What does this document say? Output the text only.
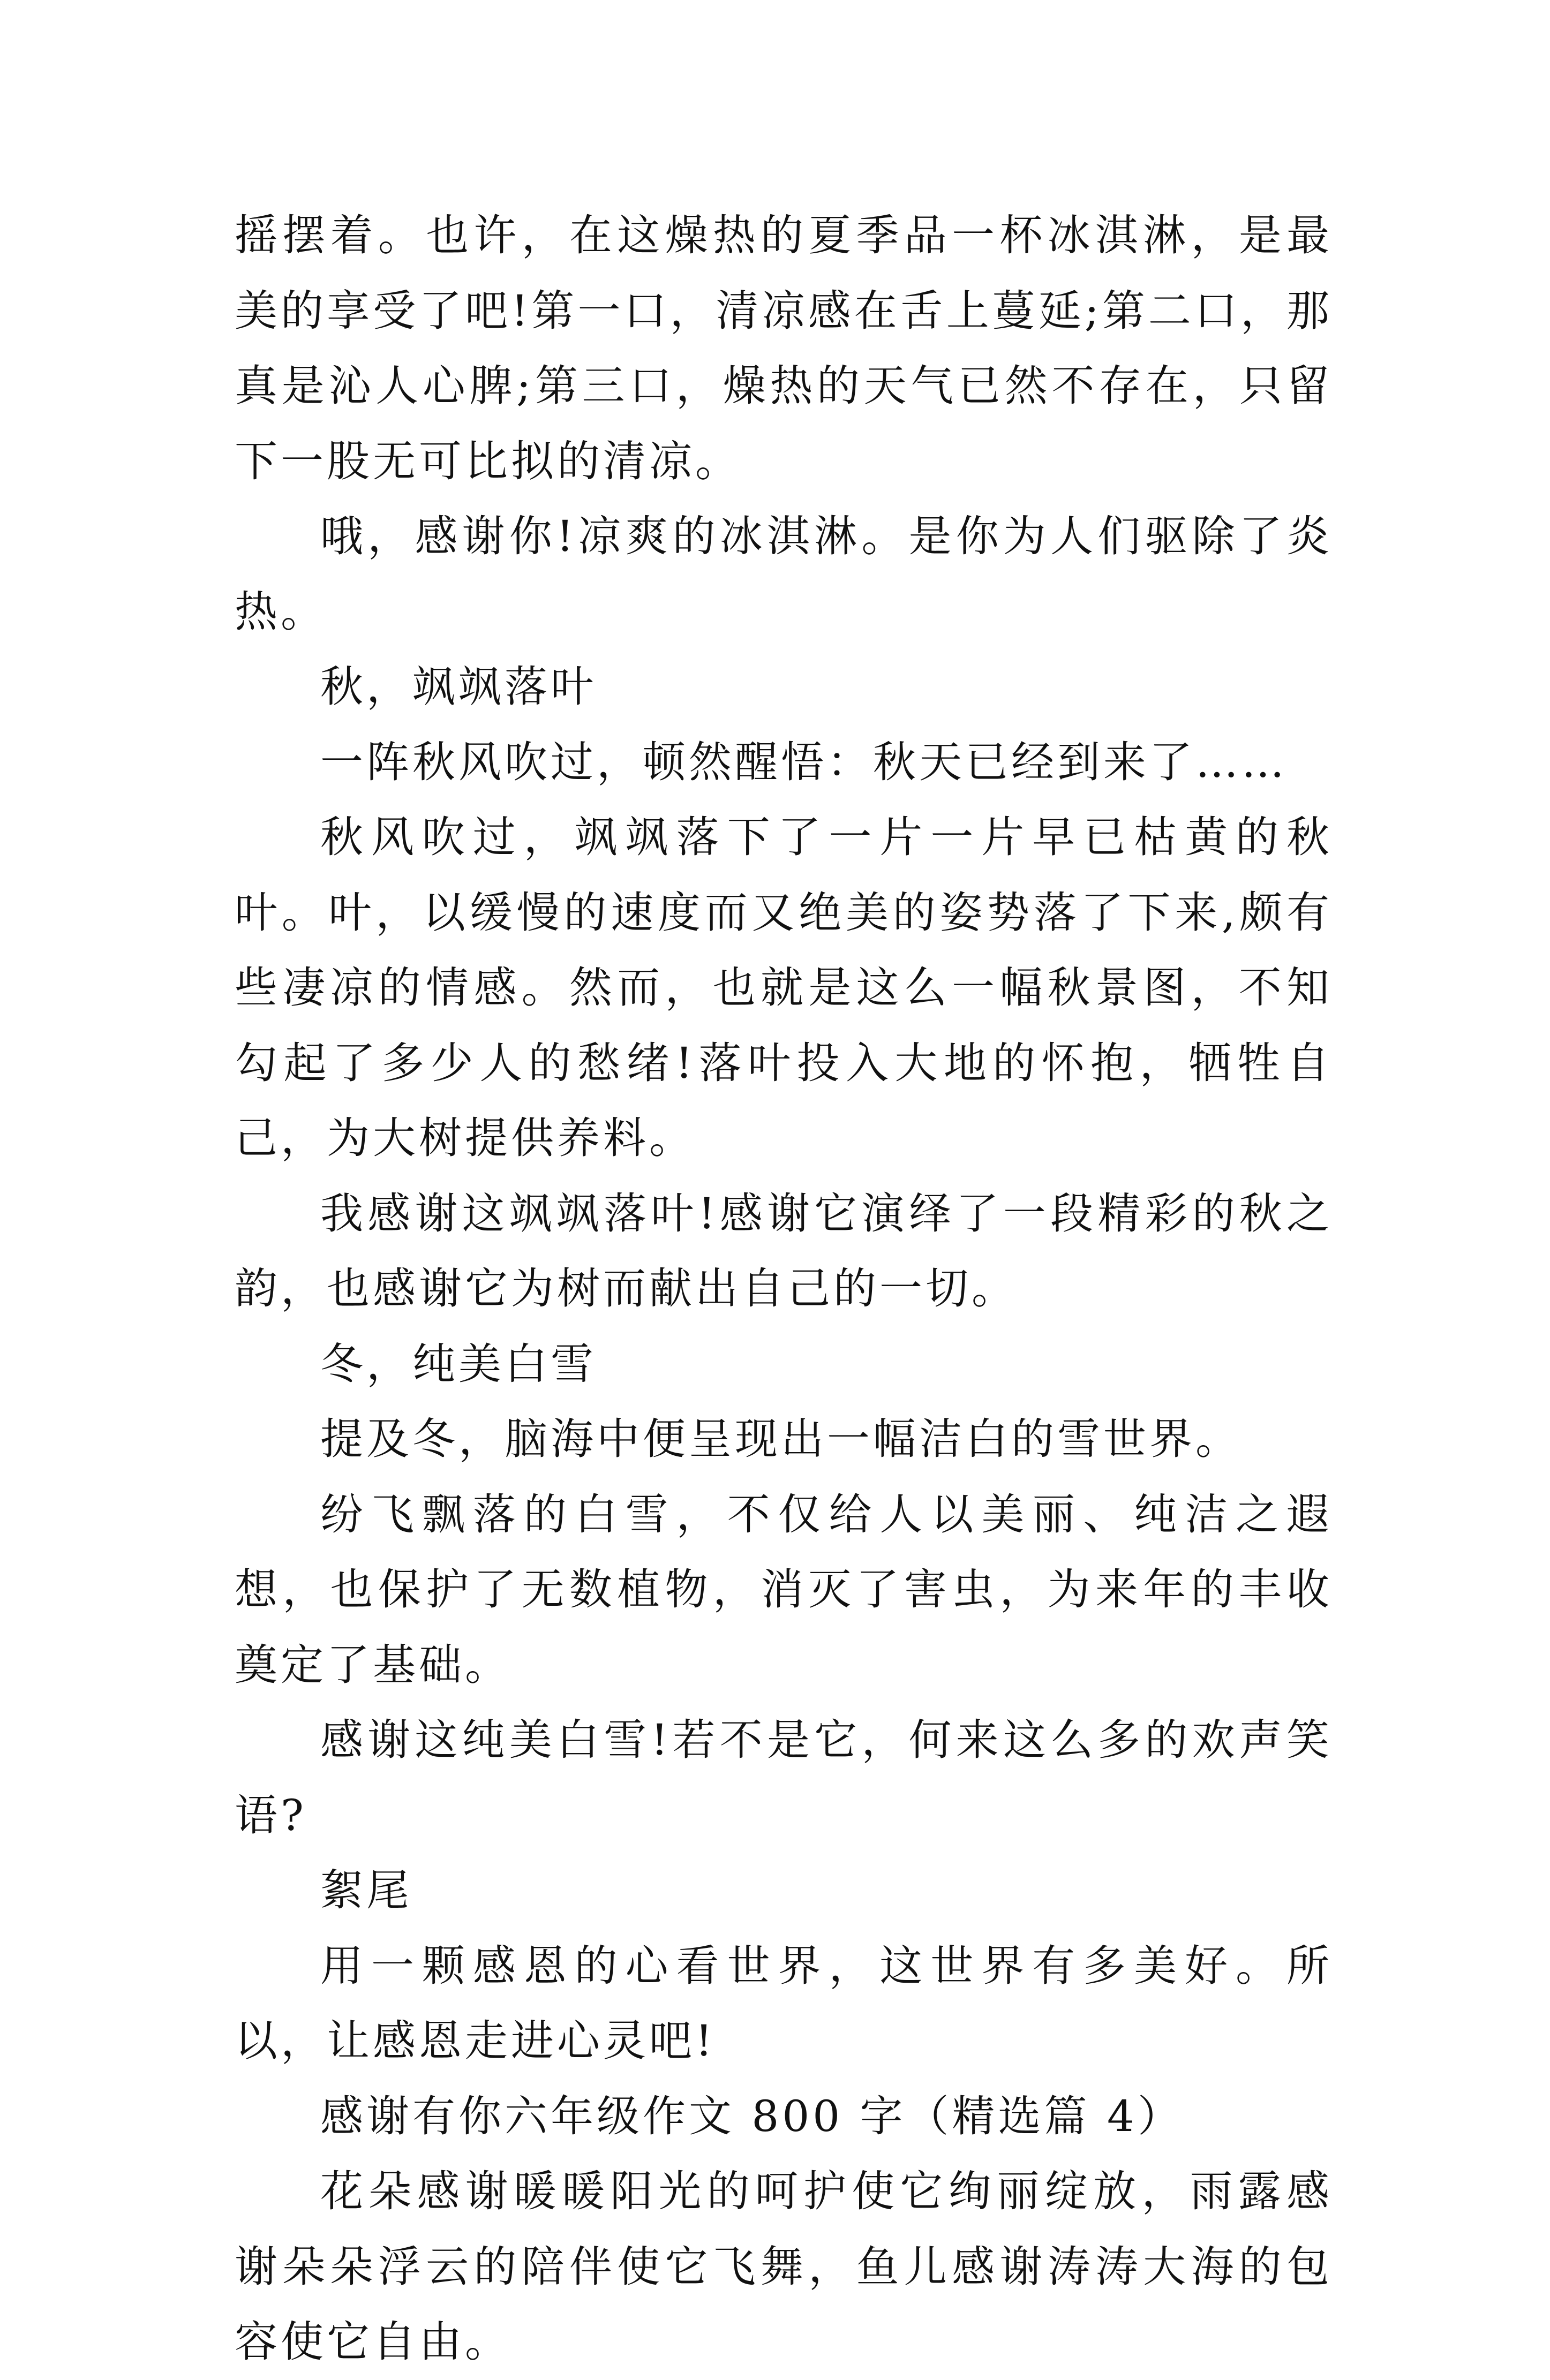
摇摆着。也许，在这燥热的夏季品一杯冰淇淋，是最美的享受了吧!第一口，清凉感在舌上蔓延;第二口，那真是沁人心脾;第三口，燥热的天气已然不存在，只留下一股无可比拟的清凉。

哦，感谢你!凉爽的冰淇淋。是你为人们驱除了炎热。

秋，飒飒落叶

一阵秋风吹过，顿然醒悟：秋天已经到来了……

秋风吹过，飒飒落下了一片一片早已枯黄的秋叶。叶，以缓慢的速度而又绝美的姿势落了下来,颇有些凄凉的情感。然而，也就是这么一幅秋景图，不知勾起了多少人的愁绪!落叶投入大地的怀抱，牺牲自己，为大树提供养料。

我感谢这飒飒落叶!感谢它演绎了一段精彩的秋之韵，也感谢它为树而献出自己的一切。

冬，纯美白雪

提及冬，脑海中便呈现出一幅洁白的雪世界。

纷飞飘落的白雪，不仅给人以美丽、纯洁之遐想，也保护了无数植物，消灭了害虫，为来年的丰收奠定了基础。

感谢这纯美白雪!若不是它，何来这么多的欢声笑语?

絮尾

用一颗感恩的心看世界，这世界有多美好。所以，让感恩走进心灵吧!

感谢有你六年级作文 800 字（精选篇 4）

花朵感谢暖暖阳光的呵护使它绚丽绽放，雨露感谢朵朵浮云的陪伴使它飞舞，鱼儿感谢涛涛大海的包容使它自由。
